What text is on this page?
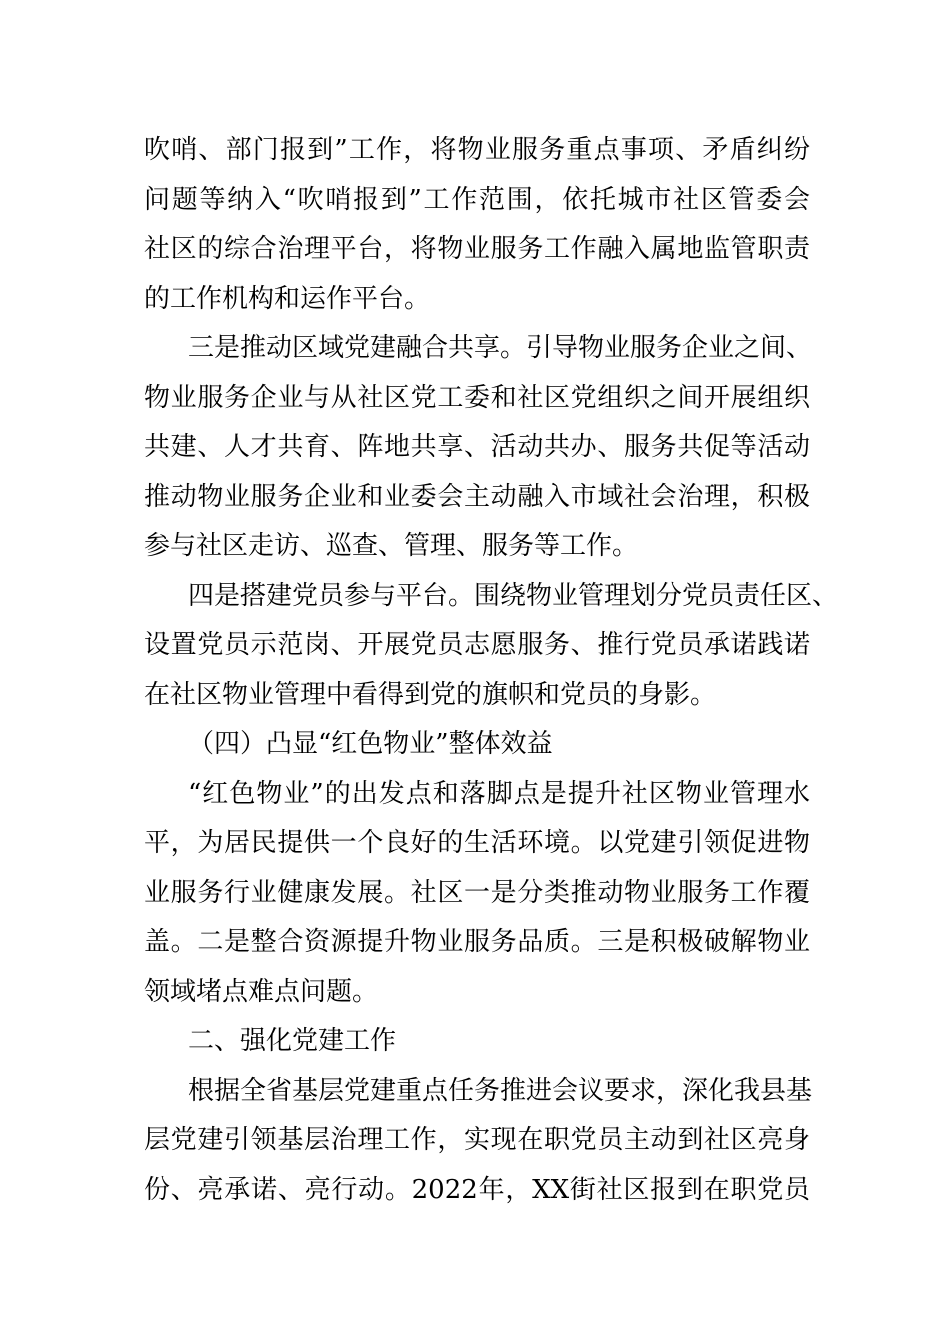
吹哨、部门报到”工作，将物业服务重点事项、矛盾纠纷
问题等纳入“吹哨报到”工作范围，依托城市社区管委会
社区的综合治理平台，将物业服务工作融入属地监管职责
的工作机构和运作平台。
三是推动区域党建融合共享。引导物业服务企业之间、
物业服务企业与从社区党工委和社区党组织之间开展组织
共建、人才共育、阵地共享、活动共办、服务共促等活动
推动物业服务企业和业委会主动融入市域社会治理，积极
参与社区走访、巡查、管理、服务等工作。
四是搭建党员参与平台。围绕物业管理划分党员责任区、
设置党员示范岗、开展党员志愿服务、推行党员承诺践诺
在社区物业管理中看得到党的旗帜和党员的身影。
（四）凸显“红色物业”整体效益
“红色物业”的出发点和落脚点是提升社区物业管理水
平，为居民提供一个良好的生活环境。以党建引领促进物
业服务行业健康发展。社区一是分类推动物业服务工作覆
盖。二是整合资源提升物业服务品质。三是积极破解物业
领域堵点难点问题。
二、强化党建工作
根据全省基层党建重点任务推进会议要求，深化我县基
层党建引领基层治理工作，实现在职党员主动到社区亮身
份、亮承诺、亮行动。2022年，XX街社区报到在职党员
